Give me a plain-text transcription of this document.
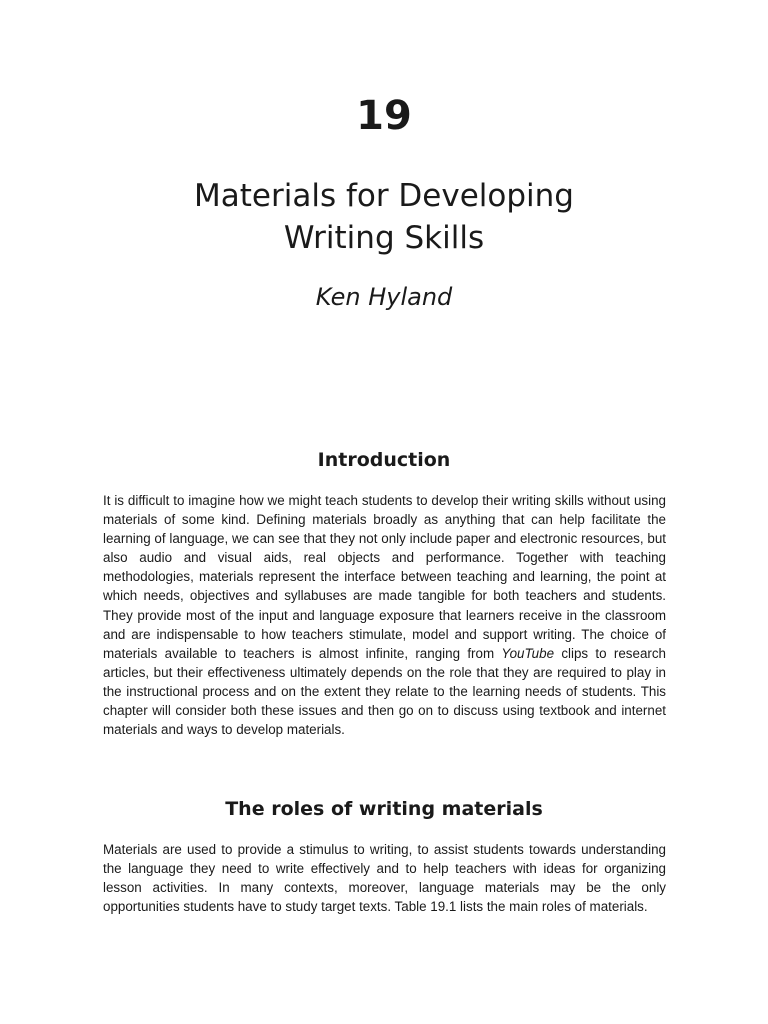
19
Materials for Developing
Writing Skills

Ken Hyland

Introduction

It is difficult to imagine how we might teach students to develop their writing skills without using materials of some kind. Defining materials broadly as anything that can help facilitate the learning of language, we can see that they not only include paper and electronic resources, but also audio and visual aids, real objects and performance. Together with teaching methodologies, materials represent the interface between teaching and learning, the point at which needs, objectives and syllabuses are made tangible for both teachers and students. They provide most of the input and language exposure that learners receive in the classroom and are indispensable to how teachers stimulate, model and support writing. The choice of materials available to teachers is almost infinite, ranging from YouTube clips to research articles, but their effectiveness ultimately depends on the role that they are required to play in the instructional process and on the extent they relate to the learning needs of students. This chapter will consider both these issues and then go on to discuss using textbook and internet materials and ways to develop materials.

The roles of writing materials

Materials are used to provide a stimulus to writing, to assist students towards understanding the language they need to write effectively and to help teachers with ideas for organizing lesson activities. In many contexts, moreover, language materials may be the only opportunities students have to study target texts. Table 19.1 lists the main roles of materials.
